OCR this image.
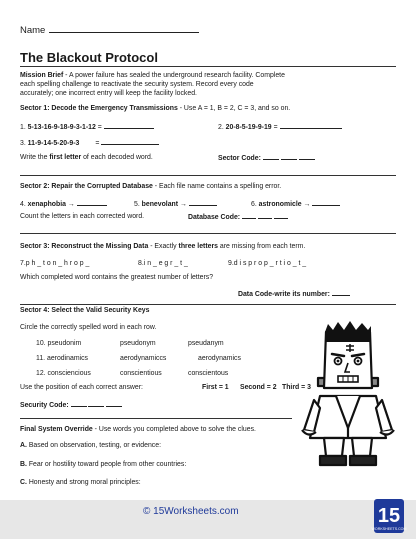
Name
The Blackout Protocol
Mission Brief - A power failure has sealed the underground research facility. Complete
each spelling challenge to reactivate the security system. Record every code
accurately; one incorrect entry will keep the facility locked.
Sector 1: Decode the Emergency Transmissions - Use A = 1, B = 2, C = 3, and so on.
1. 5-13-16-9-18-9-3-1-12 =	2. 20-8-5-19-9-19 =
3. 11-9-14-5-20-9-3 =
Write the first letter of each decoded word.	Sector Code:
Sector 2: Repair the Corrupted Database - Each file name contains a spelling error.
4. xenaphobia →	5. benevolant →	6. astronomicle →
Count the letters in each corrected word.	Database Code:
Sector 3: Reconstruct the Missing Data - Exactly three letters are missing from each term.
7.p h _ t o n _ h r o p _	8.i n _ e g r _ t _	9.d i s p r o p _ r t i o _ t _
Which completed word contains the greatest number of letters?
Data Code-write its number:
Sector 4: Select the Valid Security Keys
Circle the correctly spelled word in each row.
10. pseudonim	pseudonym	pseudanym
11. aerodinamics	aerodynamiccs	aerodynamics
12. consciencious	conscientious	conscientous
Use the position of each correct answer:	First = 1 Second = 2 Third = 3
Security Code:
Final System Override - Use words you completed above to solve the clues.
A. Based on observation, testing, or evidence:
B. Fear or hostility toward people from other countries:
C. Honesty and strong moral principles:
© 15Worksheets.com	15
WORKSHEETS.COM
